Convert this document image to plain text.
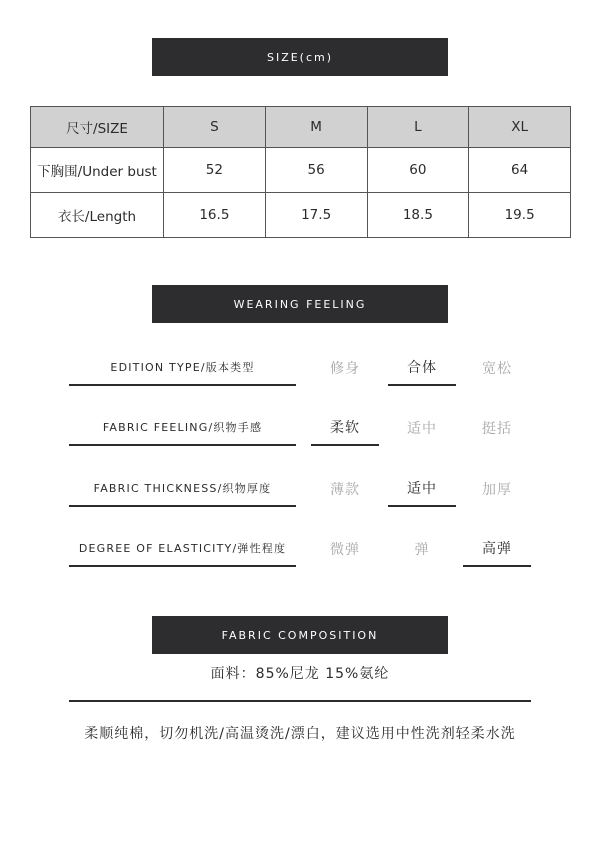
SIZE(cm)
尺寸/SIZE	S	M	L	XL
下胸围/Under bust	52	56	60	64
衣长/Length	16.5	17.5	18.5	19.5
WEARING FEELING
EDITION TYPE/版本类型	修身	合体	宽松
FABRIC FEELING/织物手感	柔软	适中	挺括
FABRIC THICKNESS/织物厚度	薄款	适中	加厚
DEGREE OF ELASTICITY/弹性程度	微弹	弹	高弹
FABRIC COMPOSITION
面料：85%尼龙 15%氨纶
柔顺纯棉，切勿机洗/高温烫洗/漂白，建议选用中性洗剂轻柔水洗
